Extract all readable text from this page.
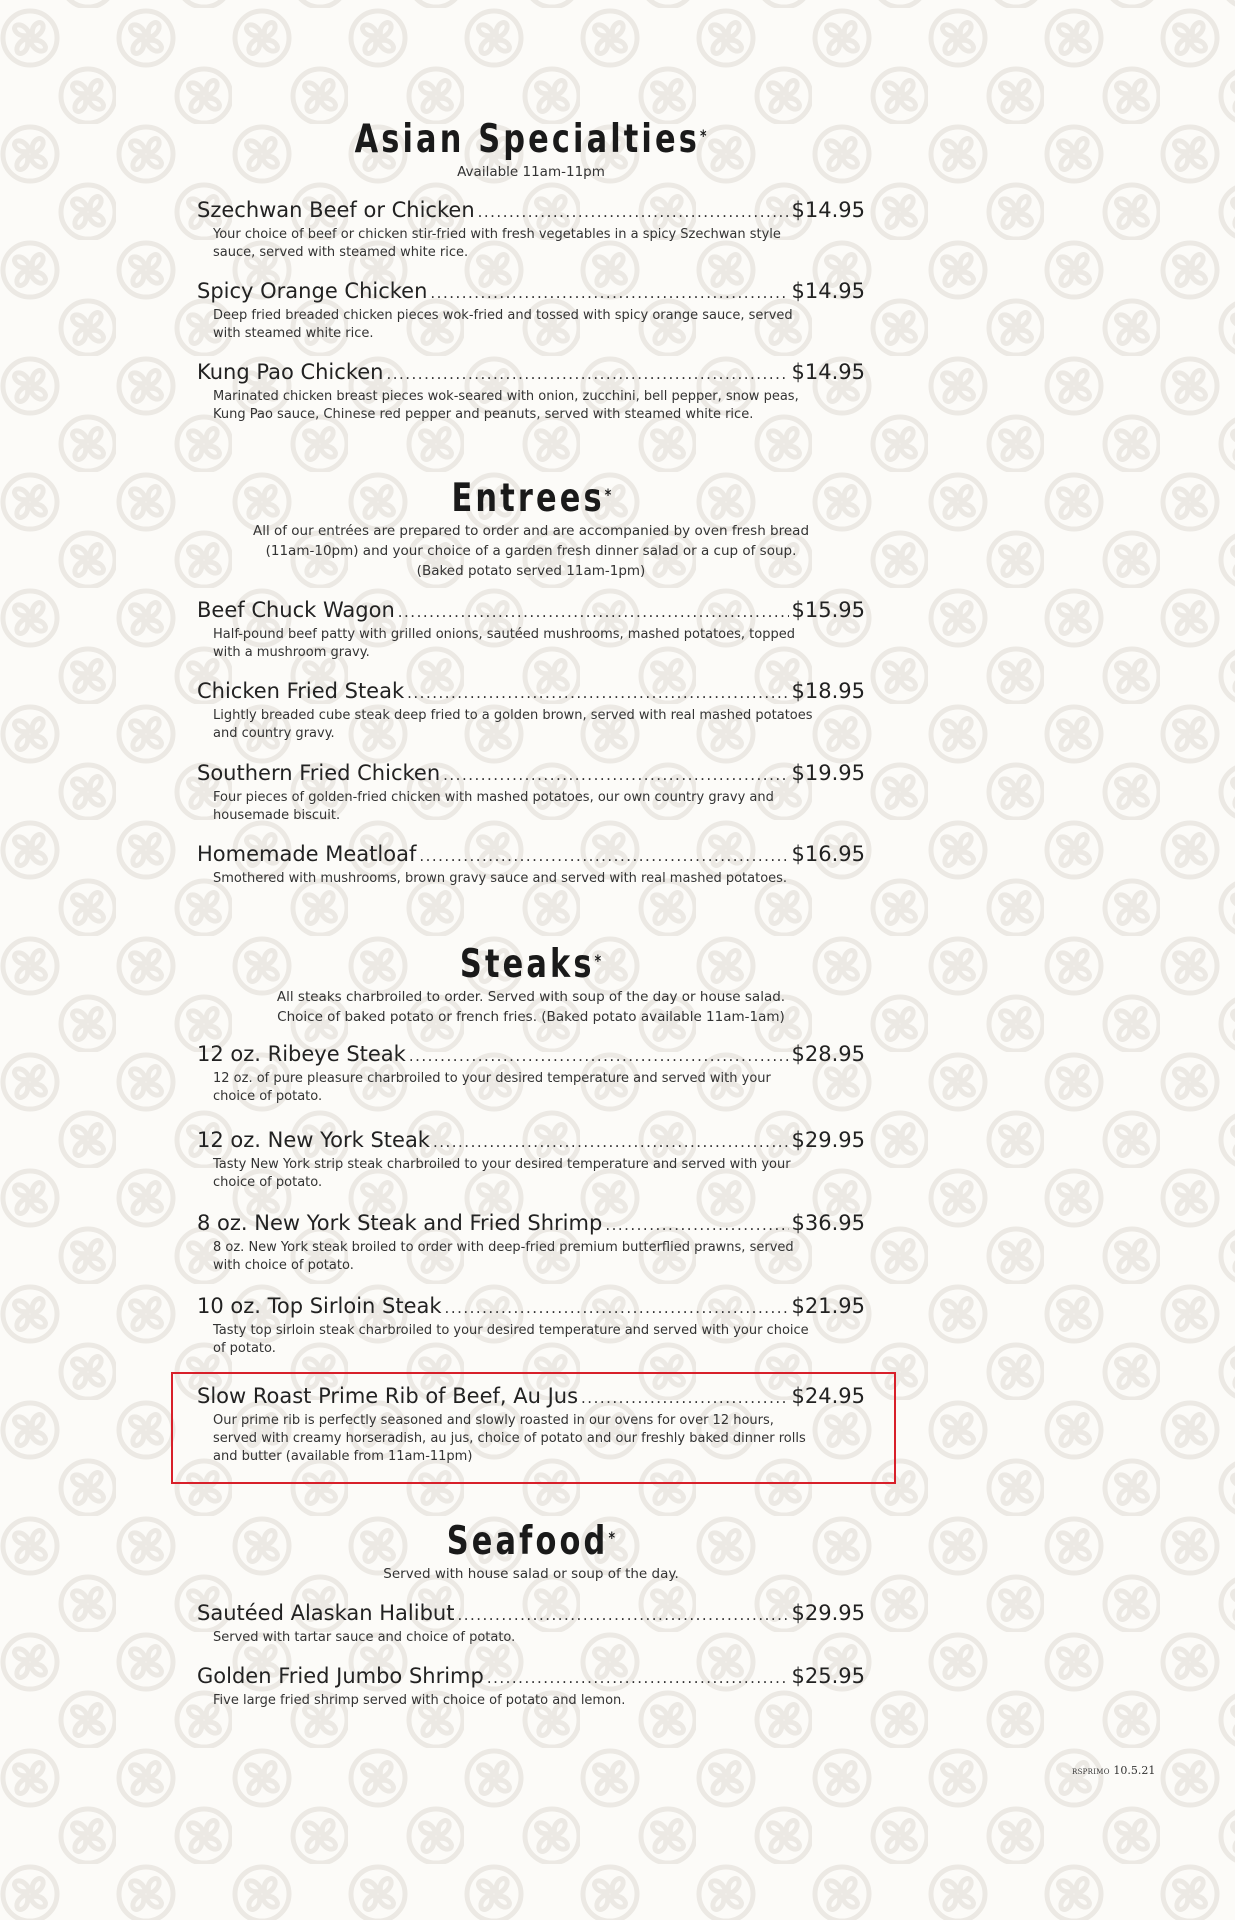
Asian Specialties*
Available 11am-11pm
Szechwan Beef or Chicken .....	$14.95
Your choice of beef or chicken stir-fried with fresh vegetables in a spicy Szechwan style sauce, served with steamed white rice.
Spicy Orange Chicken .....	$14.95
Deep fried breaded chicken pieces wok-fried and tossed with spicy orange sauce, served with steamed white rice.
Kung Pao Chicken .....	$14.95
Marinated chicken breast pieces wok-seared with onion, zucchini, bell pepper, snow peas, Kung Pao sauce, Chinese red pepper and peanuts, served with steamed white rice.
Entrees*
All of our entrées are prepared to order and are accompanied by oven fresh bread
(11am-10pm) and your choice of a garden fresh dinner salad or a cup of soup.
(Baked potato served 11am-1pm)
Beef Chuck Wagon .....	$15.95
Half-pound beef patty with grilled onions, sautéed mushrooms, mashed potatoes, topped with a mushroom gravy.
Chicken Fried Steak .....	$18.95
Lightly breaded cube steak deep fried to a golden brown, served with real mashed potatoes and country gravy.
Southern Fried Chicken .....	$19.95
Four pieces of golden-fried chicken with mashed potatoes, our own country gravy and housemade biscuit.
Homemade Meatloaf .....	$16.95
Smothered with mushrooms, brown gravy sauce and served with real mashed potatoes.
Steaks*
All steaks charbroiled to order. Served with soup of the day or house salad.
Choice of baked potato or french fries. (Baked potato available 11am-1am)
12 oz. Ribeye Steak .....	$28.95
12 oz. of pure pleasure charbroiled to your desired temperature and served with your choice of potato.
12 oz. New York Steak .....	$29.95
Tasty New York strip steak charbroiled to your desired temperature and served with your choice of potato.
8 oz. New York Steak and Fried Shrimp .....	$36.95
8 oz. New York steak broiled to order with deep-fried premium butterflied prawns, served with choice of potato.
10 oz. Top Sirloin Steak .....	$21.95
Tasty top sirloin steak charbroiled to your desired temperature and served with your choice of potato.
Slow Roast Prime Rib of Beef, Au Jus .....	$24.95
Our prime rib is perfectly seasoned and slowly roasted in our ovens for over 12 hours, served with creamy horseradish, au jus, choice of potato and our freshly baked dinner rolls and butter (available from 11am-11pm)
Seafood*
Served with house salad or soup of the day.
Sautéed Alaskan Halibut .....	$29.95
Served with tartar sauce and choice of potato.
Golden Fried Jumbo Shrimp .....	$25.95
Five large fried shrimp served with choice of potato and lemon.
RSPRIMO 10.5.21
